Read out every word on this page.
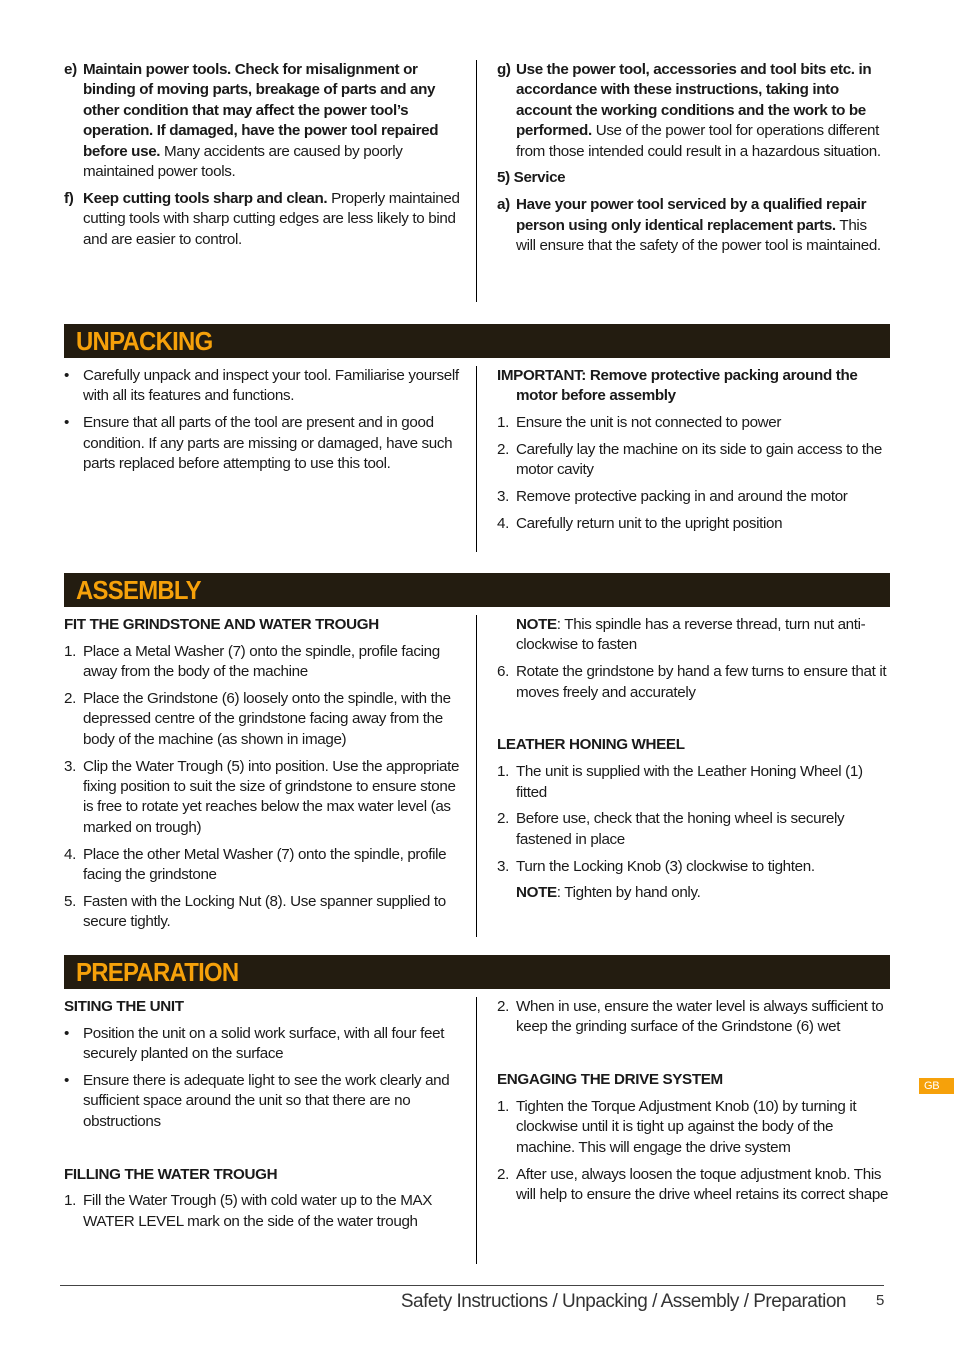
e) Maintain power tools. Check for misalignment or binding of moving parts, breakage of parts and any other condition that may affect the power tool’s operation. If damaged, have the power tool repaired before use. Many accidents are caused by poorly maintained power tools.
f) Keep cutting tools sharp and clean. Properly maintained cutting tools with sharp cutting edges are less likely to bind and are easier to control.
g) Use the power tool, accessories and tool bits etc. in accordance with these instructions, taking into account the working conditions and the work to be performed. Use of the power tool for operations different from those intended could result in a hazardous situation.
5) Service
a) Have your power tool serviced by a qualified repair person using only identical replacement parts. This will ensure that the safety of the power tool is maintained.
UNPACKING
• Carefully unpack and inspect your tool. Familiarise yourself with all its features and functions.
• Ensure that all parts of the tool are present and in good condition. If any parts are missing or damaged, have such parts replaced before attempting to use this tool.
IMPORTANT: Remove protective packing around the motor before assembly
1. Ensure the unit is not connected to power
2. Carefully lay the machine on its side to gain access to the motor cavity
3. Remove protective packing in and around the motor
4. Carefully return unit to the upright position
ASSEMBLY
FIT THE GRINDSTONE AND WATER TROUGH
1. Place a Metal Washer (7) onto the spindle, profile facing away from the body of the machine
2. Place the Grindstone (6) loosely onto the spindle, with the depressed centre of the grindstone facing away from the body of the machine (as shown in image)
3. Clip the Water Trough (5) into position. Use the appropriate fixing position to suit the size of grindstone to ensure stone is free to rotate yet reaches below the max water level (as marked on trough)
4. Place the other Metal Washer (7) onto the spindle, profile facing the grindstone
5. Fasten with the Locking Nut (8). Use spanner supplied to secure tightly.
NOTE: This spindle has a reverse thread, turn nut anti-clockwise to fasten
6. Rotate the grindstone by hand a few turns to ensure that it moves freely and accurately
LEATHER HONING WHEEL
1. The unit is supplied with the Leather Honing Wheel (1) fitted
2. Before use, check that the honing wheel is securely fastened in place
3. Turn the Locking Knob (3) clockwise to tighten.
NOTE: Tighten by hand only.
PREPARATION
SITING THE UNIT
• Position the unit on a solid work surface, with all four feet securely planted on the surface
• Ensure there is adequate light to see the work clearly and sufficient space around the unit so that there are no obstructions
FILLING THE WATER TROUGH
1. Fill the Water Trough (5) with cold water up to the MAX WATER LEVEL mark on the side of the water trough
2. When in use, ensure the water level is always sufficient to keep the grinding surface of the Grindstone (6) wet
ENGAGING THE DRIVE SYSTEM
1. Tighten the Torque Adjustment Knob (10) by turning it clockwise until it is tight up against the body of the machine. This will engage the drive system
2. After use, always loosen the toque adjustment knob. This will help to ensure the drive wheel retains its correct shape
GB
Safety Instructions / Unpacking / Assembly / Preparation 5
